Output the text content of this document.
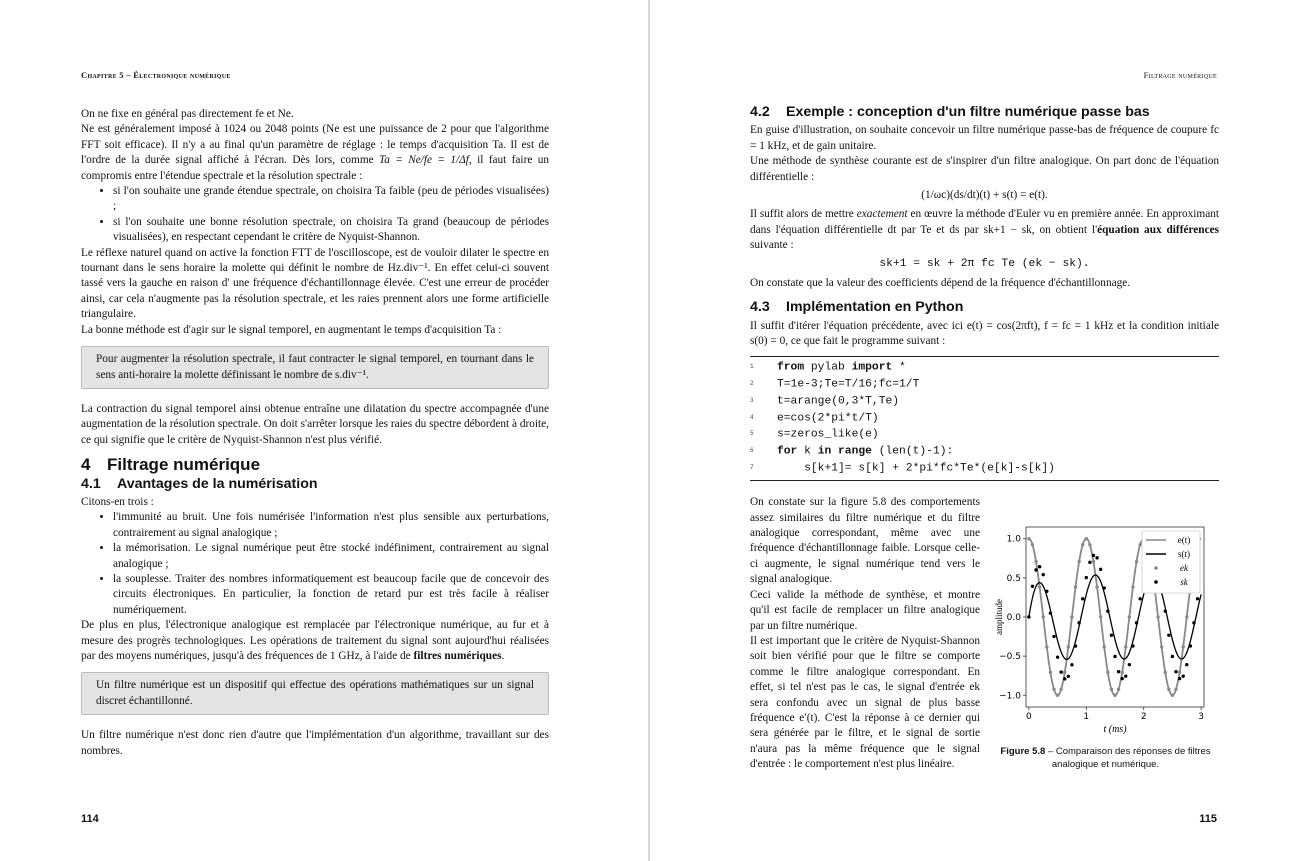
Chapitre 5 – Électronique numérique

On ne fixe en général pas directement fe et Ne.

Ne est généralement imposé à 1024 ou 2048 points (Ne est une puissance de 2 pour que l'algorithme FFT soit efficace). Il n'y a au final qu'un paramètre de réglage : le temps d'acquisition Ta. Il est de l'ordre de la durée signal affiché à l'écran. Dès lors, comme Ta = Ne/fe = 1/Δf, il faut faire un compromis entre l'étendue spectrale et la résolution spectrale :

• si l'on souhaite une grande étendue spectrale, on choisira Ta faible (peu de périodes visualisées) ;
• si l'on souhaite une bonne résolution spectrale, on choisira Ta grand (beaucoup de périodes visualisées), en respectant cependant le critère de Nyquist-Shannon.

Le réflexe naturel quand on active la fonction FTT de l'oscilloscope, est de vouloir dilater le spectre en tournant dans le sens horaire la molette qui définit le nombre de Hz.div⁻¹. En effet celui-ci souvent tassé vers la gauche en raison d' une fréquence d'échantillonnage élevée. C'est une erreur de procéder ainsi, car cela n'augmente pas la résolution spectrale, et les raies prennent alors une forme artificielle triangulaire.

La bonne méthode est d'agir sur le signal temporel, en augmentant le temps d'acquisition Ta :

Pour augmenter la résolution spectrale, il faut contracter le signal temporel, en tournant dans le sens anti-horaire la molette définissant le nombre de s.div⁻¹.

La contraction du signal temporel ainsi obtenue entraîne une dilatation du spectre accompagnée d'une augmentation de la résolution spectrale. On doit s'arrêter lorsque les raies du spectre débordent à droite, ce qui signifie que le critère de Nyquist-Shannon n'est plus vérifié.

4 Filtrage numérique
4.1 Avantages de la numérisation

Citons-en trois :

• l'immunité au bruit. Une fois numérisée l'information n'est plus sensible aux perturbations, contrairement au signal analogique ;
• la mémorisation. Le signal numérique peut être stocké indéfiniment, contrairement au signal analogique ;
• la souplesse. Traiter des nombres informatiquement est beaucoup facile que de concevoir des circuits électroniques. En particulier, la fonction de retard pur est très facile à réaliser numériquement.

De plus en plus, l'électronique analogique est remplacée par l'électronique numérique, au fur et à mesure des progrès technologiques. Les opérations de traitement du signal sont aujourd'hui réalisées par des moyens numériques, jusqu'à des fréquences de 1 GHz, à l'aide de filtres numériques.

Un filtre numérique est un dispositif qui effectue des opérations mathématiques sur un signal discret échantillonné.

Un filtre numérique n'est donc rien d'autre que l'implémentation d'un algorithme, travaillant sur des nombres.

114
Filtrage numérique
4.2 Exemple : conception d'un filtre numérique passe bas

En guise d'illustration, on souhaite concevoir un filtre numérique passe-bas de fréquence de coupure fc = 1 kHz, et de gain unitaire.

Une méthode de synthèse courante est de s'inspirer d'un filtre analogique. On part donc de l'équation différentielle :

(1/ωc)(ds/dt)(t) + s(t) = e(t).

Il suffit alors de mettre exactement en œuvre la méthode d'Euler vu en première année. En approximant dans l'équation différentielle dt par Te et ds par sk+1 − sk, on obtient l'équation aux différences suivante :

sk+1 = sk + 2π fc Te (ek − sk).

On constate que la valeur des coefficients dépend de la fréquence d'échantillonnage.

4.3 Implémentation en Python

Il suffit d'itérer l'équation précédente, avec ici e(t) = cos(2πft), f = fc = 1 kHz et la condition initiale s(0) = 0, ce que fait le programme suivant :

1 from pylab import *
2 T=1e-3;Te=T/16;fc=1/T
3 t=arange(0,3*T,Te)
4 e=cos(2*pi*t/T)
5 s=zeros_like(e)
6 for k in range (len(t)-1):
7    s[k+1]= s[k] + 2*pi*fc*Te*(e[k]-s[k])

On constate sur la figure 5.8 des comportements assez similaires du filtre numérique et du filtre analogique correspondant, même avec une fréquence d'échantillonnage faible. Lorsque celle-ci augmente, le signal numérique tend vers le signal analogique.

Ceci valide la méthode de synthèse, et montre qu'il est facile de remplacer un filtre analogique par un filtre numérique.

Il est important que le critère de Nyquist-Shannon soit bien vérifié pour que le filtre se comporte comme le filtre analogique correspondant. En effet, si tel n'est pas le cas, le signal d'entrée ek sera confondu avec un signal de plus basse fréquence e′(t). C'est la réponse à ce dernier qui sera générée par le filtre, et le signal de sortie n'aura pas la même fréquence que le signal d'entrée : le comportement n'est plus linéaire.

0	1	2	3
1.0
0.5
0.0
−0.5
−1.0
t (ms)
amplitude
e(t)
s(t)
ek
sk
Figure 5.8 – Comparaison des réponses de filtres analogique et numérique.
115
